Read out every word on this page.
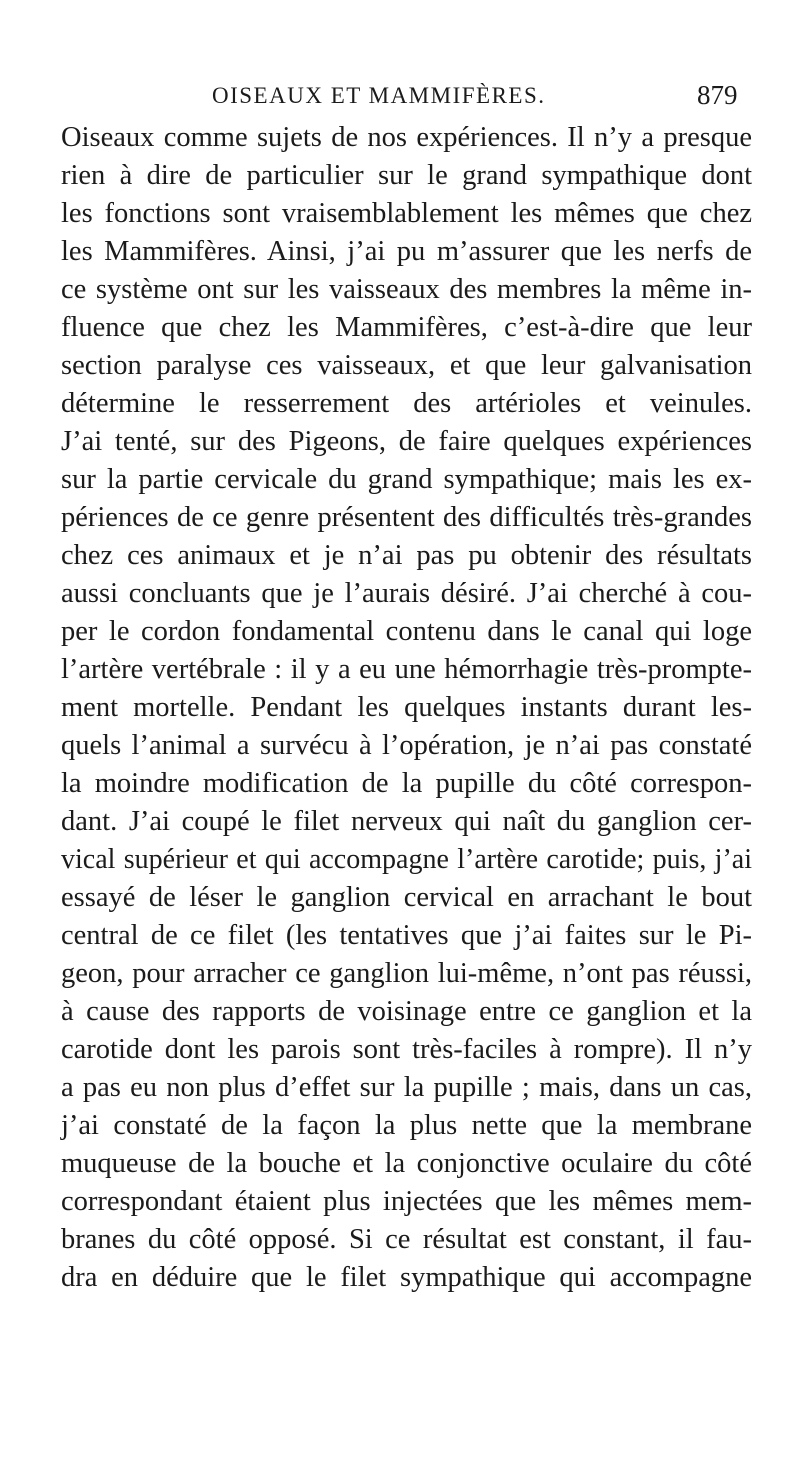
OISEAUX ET MAMMIFÈRES.	879
Oiseaux comme sujets de nos expériences. Il n’y a presque
rien à dire de particulier sur le grand sympathique dont
les fonctions sont vraisemblablement les mêmes que chez
les Mammifères. Ainsi, j’ai pu m’assurer que les nerfs de
ce système ont sur les vaisseaux des membres la même in-
fluence que chez les Mammifères, c’est-à-dire que leur
section paralyse ces vaisseaux, et que leur galvanisation
détermine le resserrement des artérioles et veinules.
J’ai tenté, sur des Pigeons, de faire quelques expériences
sur la partie cervicale du grand sympathique; mais les ex-
périences de ce genre présentent des difficultés très-grandes
chez ces animaux et je n’ai pas pu obtenir des résultats
aussi concluants que je l’aurais désiré. J’ai cherché à cou-
per le cordon fondamental contenu dans le canal qui loge
l’artère vertébrale : il y a eu une hémorrhagie très-prompte-
ment mortelle. Pendant les quelques instants durant les-
quels l’animal a survécu à l’opération, je n’ai pas constaté
la moindre modification de la pupille du côté correspon-
dant. J’ai coupé le filet nerveux qui naît du ganglion cer-
vical supérieur et qui accompagne l’artère carotide; puis, j’ai
essayé de léser le ganglion cervical en arrachant le bout
central de ce filet (les tentatives que j’ai faites sur le Pi-
geon, pour arracher ce ganglion lui-même, n’ont pas réussi,
à cause des rapports de voisinage entre ce ganglion et la
carotide dont les parois sont très-faciles à rompre). Il n’y
a pas eu non plus d’effet sur la pupille ; mais, dans un cas,
j’ai constaté de la façon la plus nette que la membrane
muqueuse de la bouche et la conjonctive oculaire du côté
correspondant étaient plus injectées que les mêmes mem-
branes du côté opposé. Si ce résultat est constant, il fau-
dra en déduire que le filet sympathique qui accompagne
